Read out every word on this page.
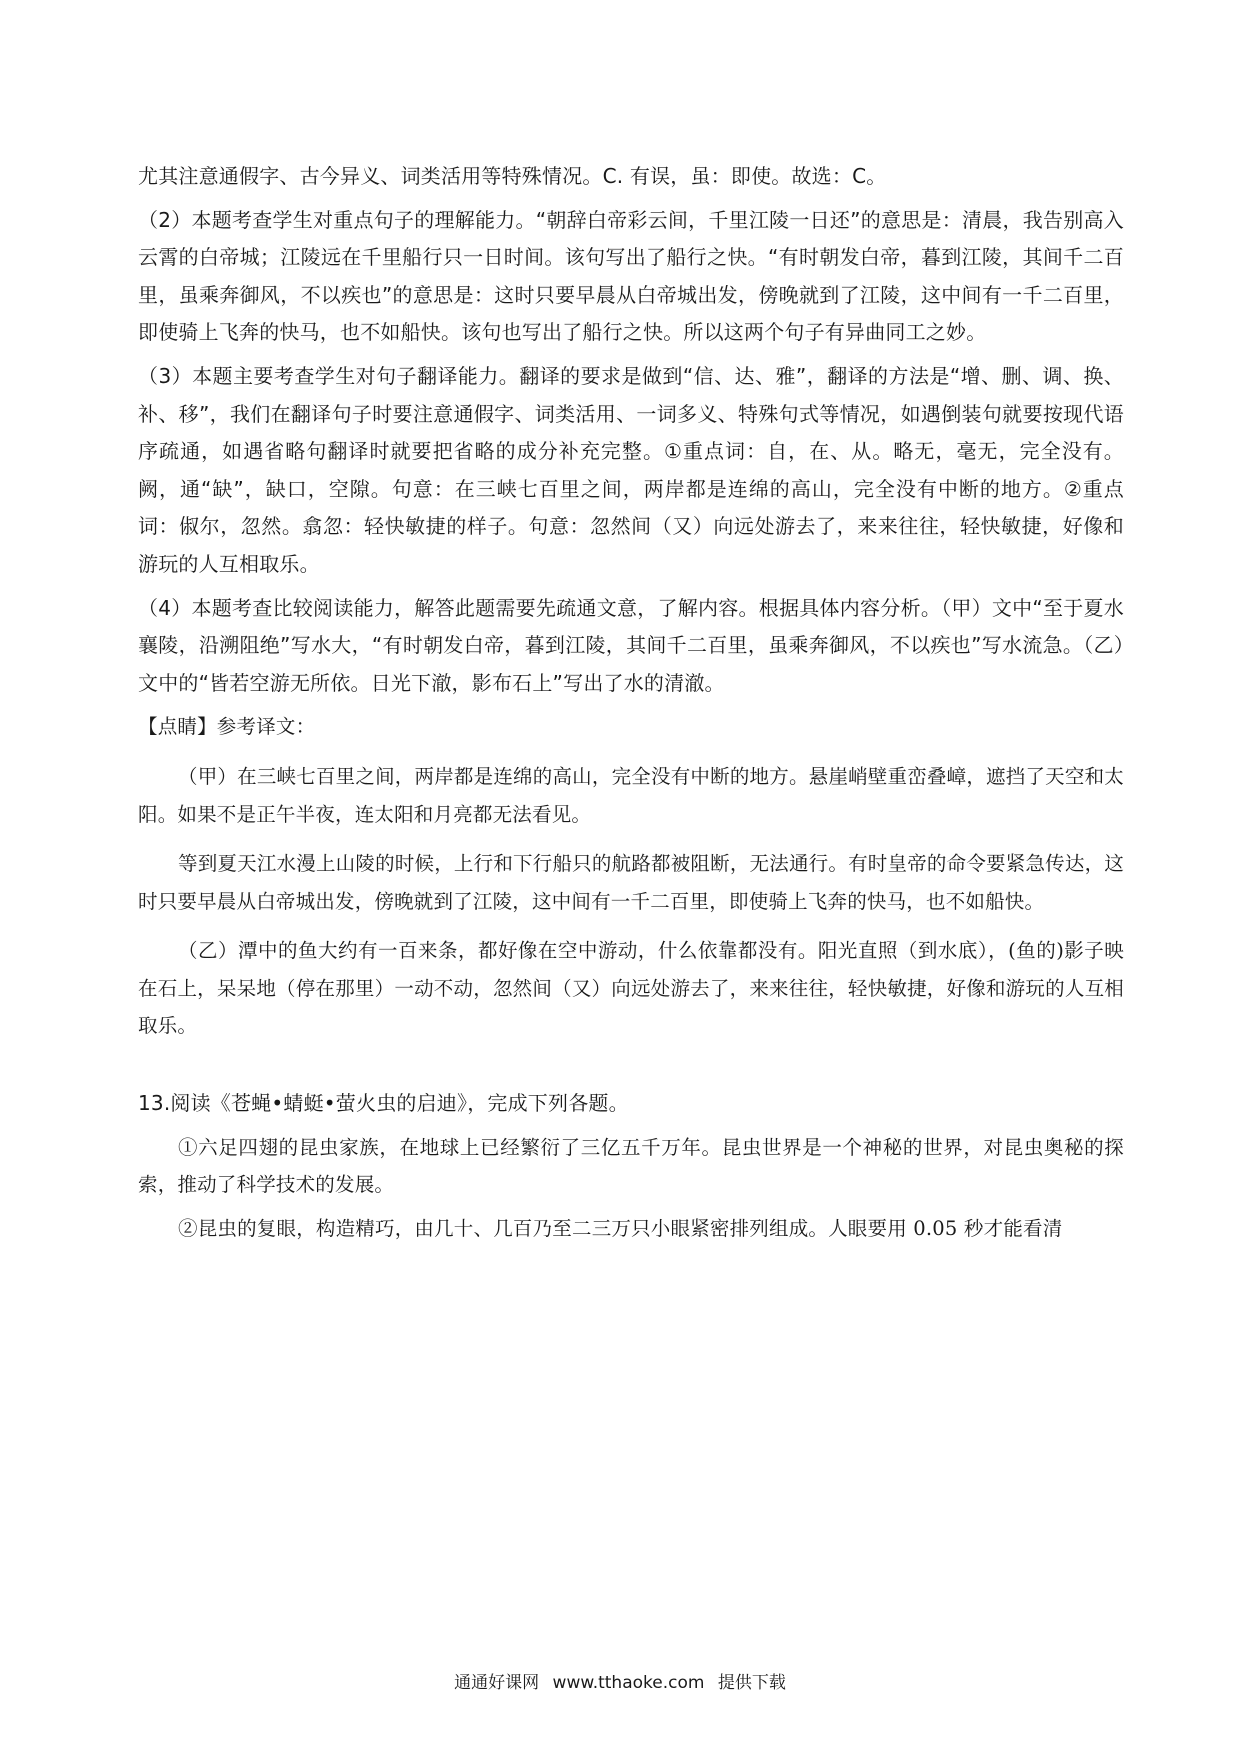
尤其注意通假字、古今异义、词类活用等特殊情况。C. 有误，虽：即使。故选：C。

（2）本题考查学生对重点句子的理解能力。“朝辞白帝彩云间，千里江陵一日还”的意思是：清晨，我告别高入云霄的白帝城；江陵远在千里船行只一日时间。该句写出了船行之快。“有时朝发白帝，暮到江陵，其间千二百里，虽乘奔御风，不以疾也”的意思是：这时只要早晨从白帝城出发，傍晚就到了江陵，这中间有一千二百里，即使骑上飞奔的快马，也不如船快。该句也写出了船行之快。所以这两个句子有异曲同工之妙。

（3）本题主要考查学生对句子翻译能力。翻译的要求是做到“信、达、雅”，翻译的方法是“增、删、调、换、补、移”，我们在翻译句子时要注意通假字、词类活用、一词多义、特殊句式等情况，如遇倒装句就要按现代语序疏通，如遇省略句翻译时就要把省略的成分补充完整。①重点词：自，在、从。略无，毫无，完全没有。阙，通“缺”，缺口，空隙。句意：在三峡七百里之间，两岸都是连绵的高山，完全没有中断的地方。②重点词：俶尔，忽然。翕忽：轻快敏捷的样子。句意：忽然间（又）向远处游去了，来来往往，轻快敏捷，好像和游玩的人互相取乐。

（4）本题考查比较阅读能力，解答此题需要先疏通文意，了解内容。根据具体内容分析。（甲）文中“至于夏水襄陵，沿溯阻绝”写水大，“有时朝发白帝，暮到江陵，其间千二百里，虽乘奔御风，不以疾也”写水流急。（乙）文中的“皆若空游无所依。日光下澈，影布石上”写出了水的清澈。

【点睛】参考译文：

（甲）在三峡七百里之间，两岸都是连绵的高山，完全没有中断的地方。悬崖峭壁重峦叠嶂，遮挡了天空和太阳。如果不是正午半夜，连太阳和月亮都无法看见。

等到夏天江水漫上山陵的时候，上行和下行船只的航路都被阻断，无法通行。有时皇帝的命令要紧急传达，这时只要早晨从白帝城出发，傍晚就到了江陵，这中间有一千二百里，即使骑上飞奔的快马，也不如船快。

（乙）潭中的鱼大约有一百来条，都好像在空中游动，什么依靠都没有。阳光直照（到水底），(鱼的)影子映在石上，呆呆地（停在那里）一动不动，忽然间（又）向远处游去了，来来往往，轻快敏捷，好像和游玩的人互相取乐。

13.阅读《苍蝇•蜻蜓•萤火虫的启迪》，完成下列各题。

①六足四翅的昆虫家族，在地球上已经繁衍了三亿五千万年。昆虫世界是一个神秘的世界，对昆虫奥秘的探索，推动了科学技术的发展。

②昆虫的复眼，构造精巧，由几十、几百乃至二三万只小眼紧密排列组成。人眼要用 0.05 秒才能看清

通通好课网 www.tthaoke.com 提供下载
